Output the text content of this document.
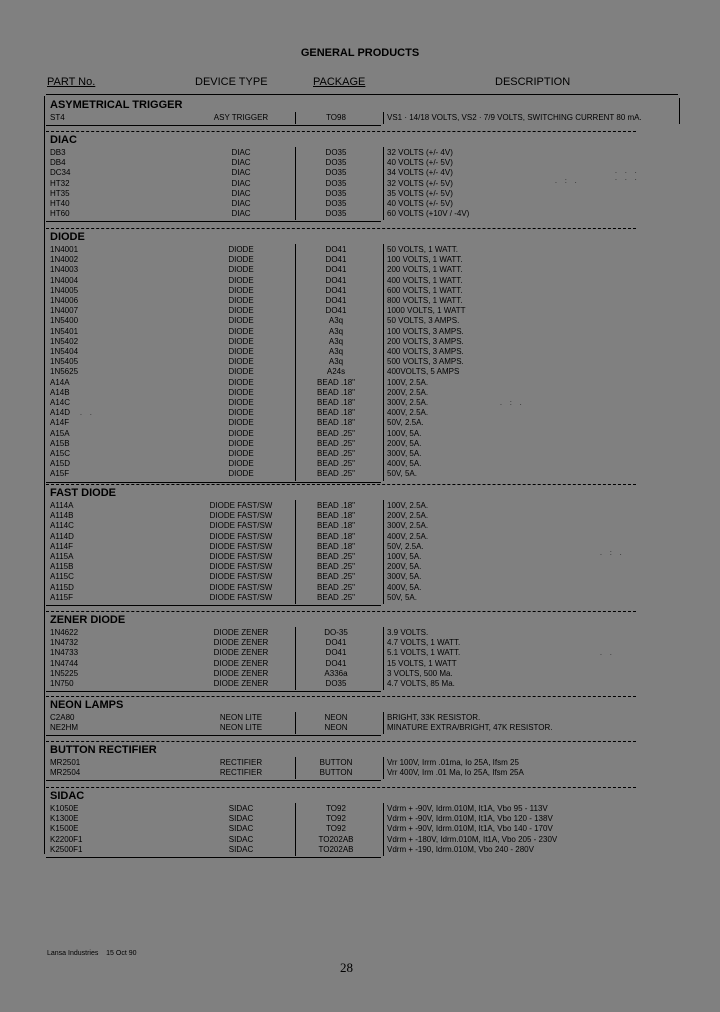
GENERAL PRODUCTS
PART No.	DEVICE TYPE	PACKAGE	DESCRIPTION
ASYMETRICAL TRIGGER
ST4	ASY TRIGGER	TO98	VS1 · 14/18 VOLTS, VS2 · 7/9 VOLTS, SWITCHING CURRENT 80 mA.
DIAC
DB3	DIAC	DO35	32 VOLTS (+/- 4V)
DB4	DIAC	DO35	40 VOLTS (+/- 5V)
DC34	DIAC	DO35	34 VOLTS (+/- 4V)
HT32	DIAC	DO35	32 VOLTS (+/- 5V)
HT35	DIAC	DO35	35 VOLTS (+/- 5V)
HT40	DIAC	DO35	40 VOLTS (+/- 5V)
HT60	DIAC	DO35	60 VOLTS (+10V / -4V)
DIODE
1N4001	DIODE	DO41	50 VOLTS, 1 WATT.
1N4002	DIODE	DO41	100 VOLTS, 1 WATT.
1N4003	DIODE	DO41	200 VOLTS, 1 WATT.
1N4004	DIODE	DO41	400 VOLTS, 1 WATT.
1N4005	DIODE	DO41	600 VOLTS, 1 WATT.
1N4006	DIODE	DO41	800 VOLTS, 1 WATT.
1N4007	DIODE	DO41	1000 VOLTS, 1 WATT
1N5400	DIODE	A3q	50 VOLTS, 3 AMPS.
1N5401	DIODE	A3q	100 VOLTS, 3 AMPS.
1N5402	DIODE	A3q	200 VOLTS, 3 AMPS.
1N5404	DIODE	A3q	400 VOLTS, 3 AMPS.
1N5405	DIODE	A3q	500 VOLTS, 3 AMPS.
1N5625	DIODE	A24s	400VOLTS, 5 AMPS
A14A	DIODE	BEAD .18"	100V, 2.5A.
A14B	DIODE	BEAD .18"	200V, 2.5A.
A14C	DIODE	BEAD .18"	300V, 2.5A.
A14D	DIODE	BEAD .18"	400V, 2.5A.
A14F	DIODE	BEAD .18"	50V, 2.5A.
A15A	DIODE	BEAD .25"	100V, 5A.
A15B	DIODE	BEAD .25"	200V, 5A.
A15C	DIODE	BEAD .25"	300V, 5A.
A15D	DIODE	BEAD .25"	400V, 5A.
A15F	DIODE	BEAD .25"	50V, 5A.
FAST DIODE
A114A	DIODE FAST/SW	BEAD .18"	100V, 2.5A.
A114B	DIODE FAST/SW	BEAD .18"	200V, 2.5A.
A114C	DIODE FAST/SW	BEAD .18"	300V, 2.5A.
A114D	DIODE FAST/SW	BEAD .18"	400V, 2.5A.
A114F	DIODE FAST/SW	BEAD .18"	50V, 2.5A.
A115A	DIODE FAST/SW	BEAD .25"	100V, 5A.
A115B	DIODE FAST/SW	BEAD .25"	200V, 5A.
A115C	DIODE FAST/SW	BEAD .25"	300V, 5A.
A115D	DIODE FAST/SW	BEAD .25"	400V, 5A.
A115F	DIODE FAST/SW	BEAD .25"	50V, 5A.
ZENER DIODE
1N4622	DIODE ZENER	DO-35	3.9 VOLTS.
1N4732	DIODE ZENER	DO41	4.7 VOLTS, 1 WATT.
1N4733	DIODE ZENER	DO41	5.1 VOLTS, 1 WATT.
1N4744	DIODE ZENER	DO41	15 VOLTS, 1 WATT
1N5225	DIODE ZENER	A336a	3 VOLTS, 500 Ma.
1N750	DIODE ZENER	DO35	4.7 VOLTS, 85 Ma.
NEON LAMPS
C2A80	NEON LITE	NEON	BRIGHT, 33K RESISTOR.
NE2HM	NEON LITE	NEON	MINATURE EXTRA/BRIGHT, 47K RESISTOR.
BUTTON RECTIFIER
MR2501	RECTIFIER	BUTTON	Vrr 100V, Irrm .01ma, Io 25A, Ifsm 25
MR2504	RECTIFIER	BUTTON	Vrr 400V, Irm .01 Ma, Io 25A, Ifsm 25A
SIDAC
K1050E	SIDAC	TO92	Vdrm + -90V, Idrm.010M, It1A, Vbo 95 - 113V
K1300E	SIDAC	TO92	Vdrm + -90V, Idrm.010M, It1A, Vbo 120 - 138V
K1500E	SIDAC	TO92	Vdrm + -90V, Idrm.010M, It1A, Vbo 140 - 170V
K2200F1	SIDAC	TO202AB	Vdrm + -180V, Idrm.010M, It1A, Vbo 205 - 230V
K2500F1	SIDAC	TO202AB	Vdrm + -190, Idrm.010M, Vbo 240 - 280V
. . .
. . .
. : .
. : .
. : .
. .
. .
Lansa Industries 15 Oct 90
28
